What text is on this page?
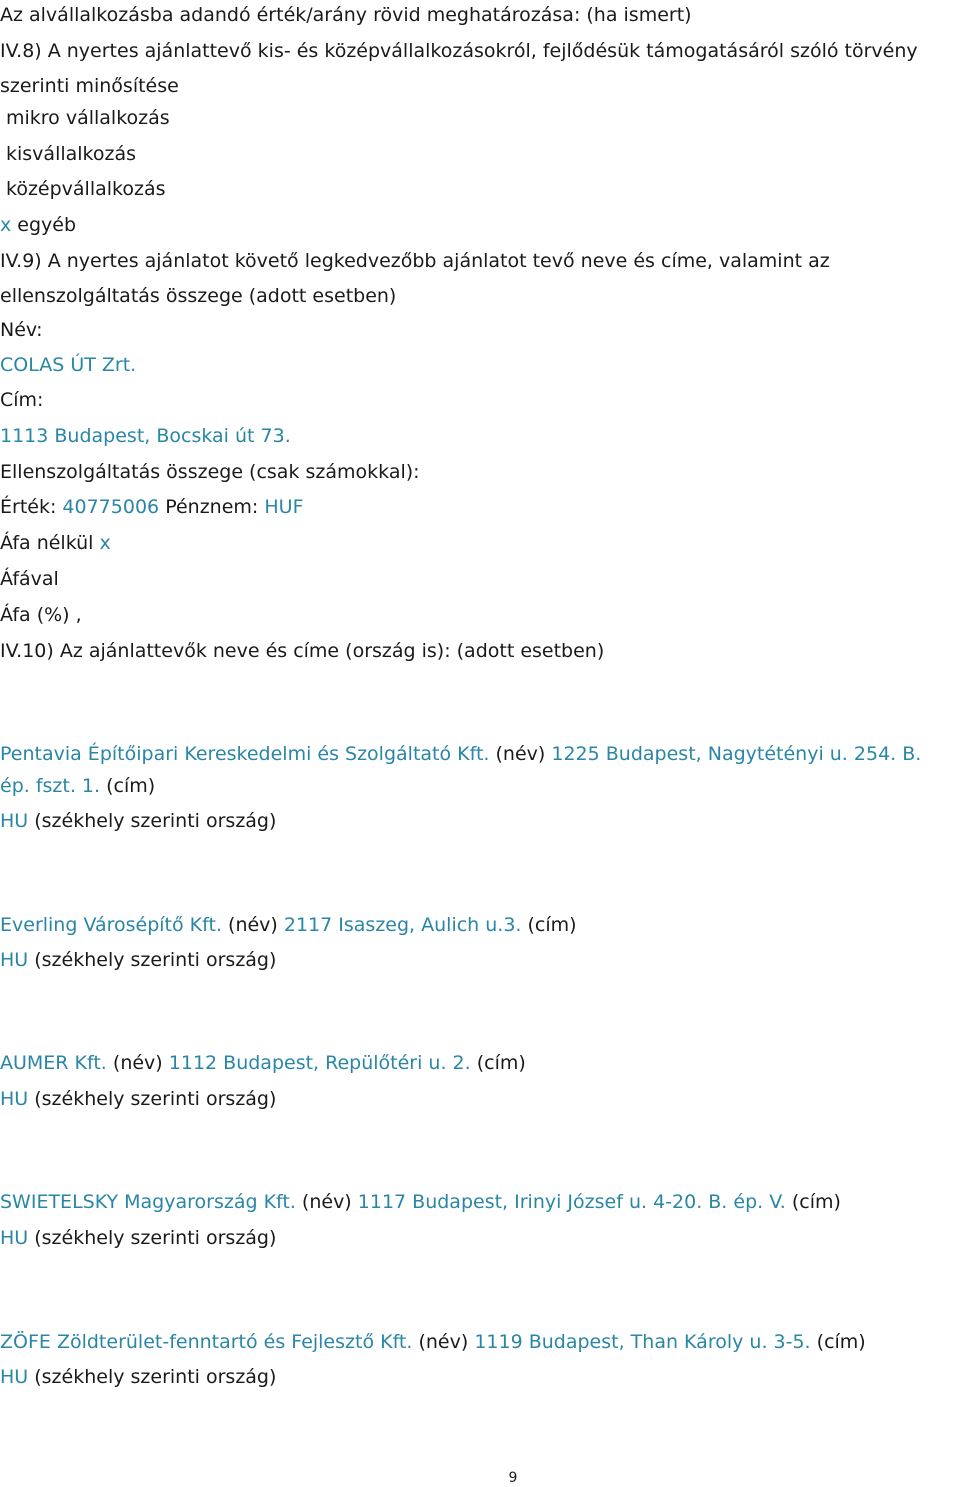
Az alvállalkozásba adandó érték/arány rövid meghatározása: (ha ismert)
IV.8) A nyertes ajánlattevő kis- és középvállalkozásokról, fejlődésük támogatásáról szóló törvény
szerinti minősítése
mikro vállalkozás
kisvállalkozás
középvállalkozás
x egyéb
IV.9) A nyertes ajánlatot követő legkedvezőbb ajánlatot tevő neve és címe, valamint az
ellenszolgáltatás összege (adott esetben)
Név:
COLAS ÚT Zrt.
Cím:
1113 Budapest, Bocskai út 73.
Ellenszolgáltatás összege (csak számokkal):
Érték: 40775006 Pénznem: HUF
Áfa nélkül x
Áfával
Áfa (%) ,
IV.10) Az ajánlattevők neve és címe (ország is): (adott esetben)
Pentavia Építőipari Kereskedelmi és Szolgáltató Kft. (név) 1225 Budapest, Nagytétényi u. 254. B.
ép. fszt. 1. (cím)
HU (székhely szerinti ország)
Everling Városépítő Kft. (név) 2117 Isaszeg, Aulich u.3. (cím)
HU (székhely szerinti ország)
AUMER Kft. (név) 1112 Budapest, Repülőtéri u. 2. (cím)
HU (székhely szerinti ország)
SWIETELSKY Magyarország Kft. (név) 1117 Budapest, Irinyi József u. 4-20. B. ép. V. (cím)
HU (székhely szerinti ország)
ZÖFE Zöldterület-fenntartó és Fejlesztő Kft. (név) 1119 Budapest, Than Károly u. 3-5. (cím)
HU (székhely szerinti ország)
9
